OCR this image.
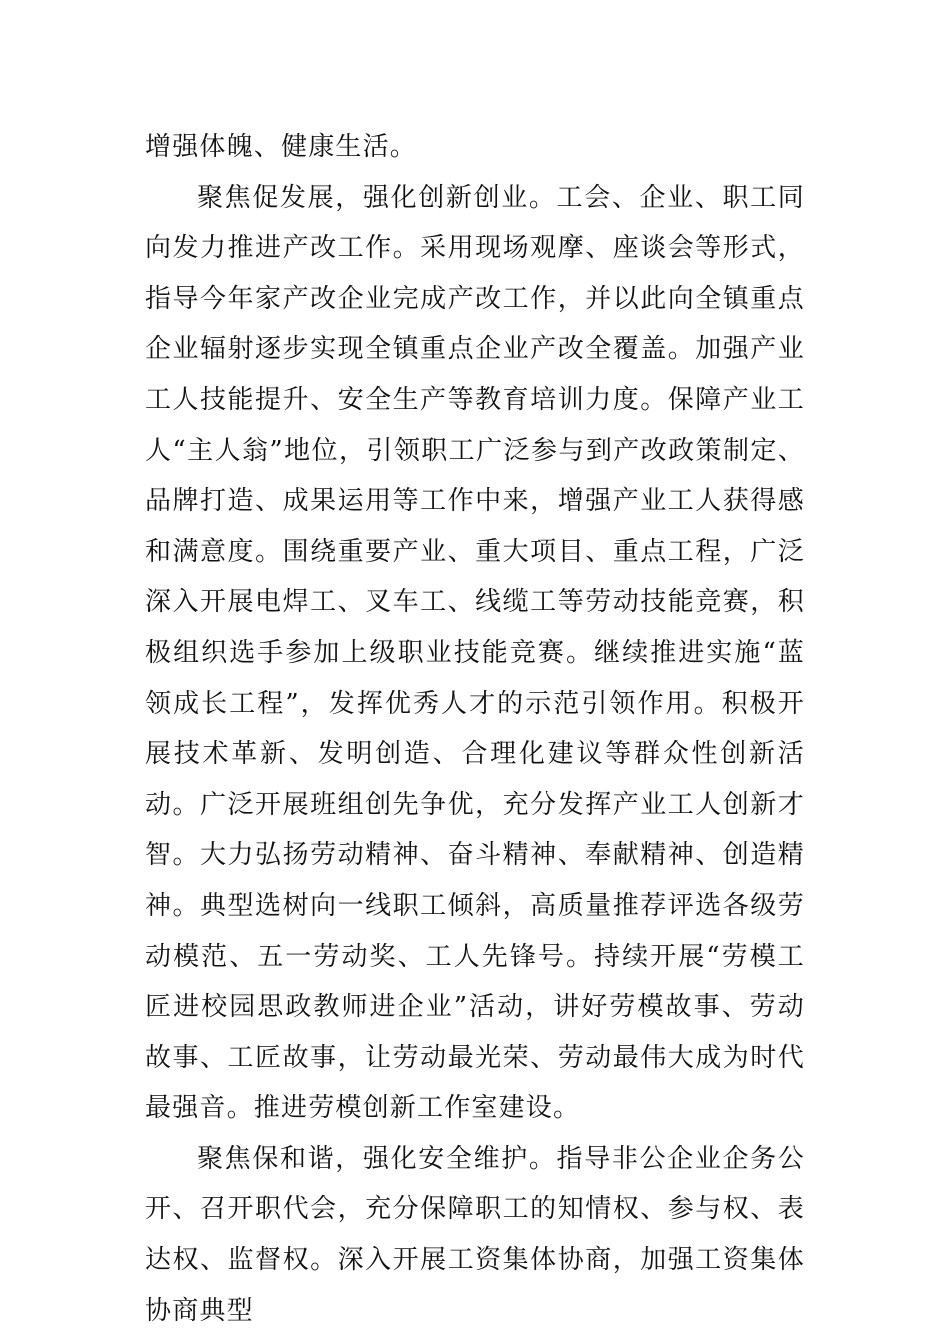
增强体魄、健康生活。

聚焦促发展，强化创新创业。工会、企业、职工同向发力推进产改工作。采用现场观摩、座谈会等形式，指导今年家产改企业完成产改工作，并以此向全镇重点企业辐射逐步实现全镇重点企业产改全覆盖。加强产业工人技能提升、安全生产等教育培训力度。保障产业工人“主人翁”地位，引领职工广泛参与到产改政策制定、品牌打造、成果运用等工作中来，增强产业工人获得感和满意度。围绕重要产业、重大项目、重点工程，广泛深入开展电焊工、叉车工、线缆工等劳动技能竞赛，积极组织选手参加上级职业技能竞赛。继续推进实施“蓝领成长工程”，发挥优秀人才的示范引领作用。积极开展技术革新、发明创造、合理化建议等群众性创新活动。广泛开展班组创先争优，充分发挥产业工人创新才智。大力弘扬劳动精神、奋斗精神、奉献精神、创造精神。典型选树向一线职工倾斜，高质量推荐评选各级劳动模范、五一劳动奖、工人先锋号。持续开展“劳模工匠进校园思政教师进企业”活动，讲好劳模故事、劳动故事、工匠故事，让劳动最光荣、劳动最伟大成为时代最强音。推进劳模创新工作室建设。

聚焦保和谐，强化安全维护。指导非公企业企务公开、召开职代会，充分保障职工的知情权、参与权、表达权、监督权。深入开展工资集体协商，加强工资集体协商典型
